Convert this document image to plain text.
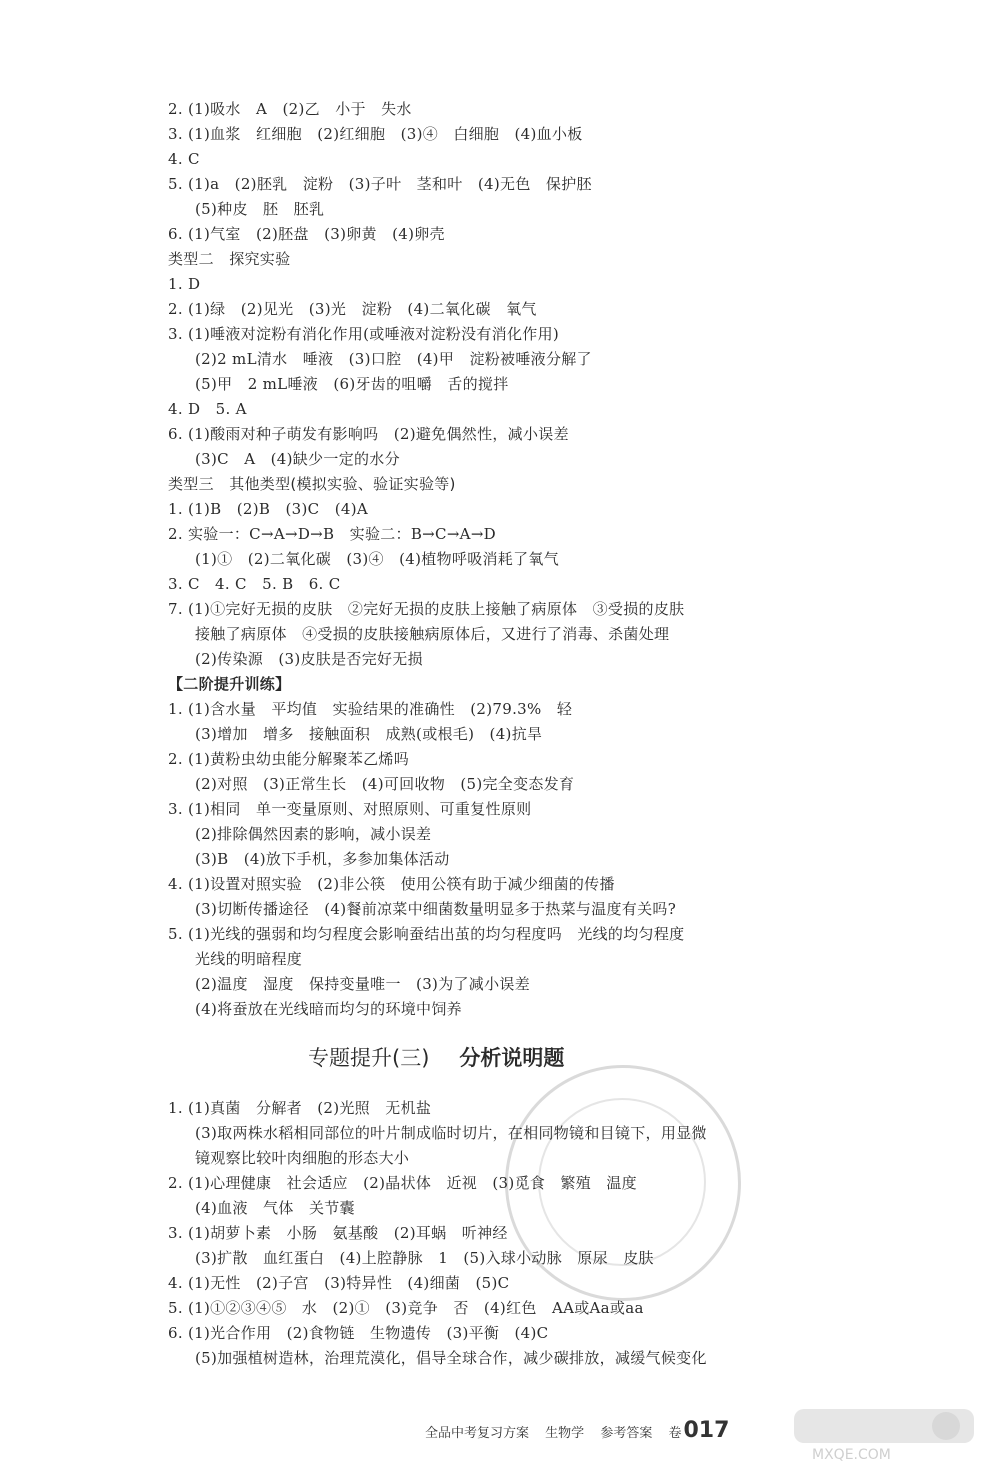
2. (1)吸水　A　(2)乙　小于　失水
3. (1)血浆　红细胞　(2)红细胞　(3)④　白细胞　(4)血小板
4. C
5. (1)a　(2)胚乳　淀粉　(3)子叶　茎和叶　(4)无色　保护胚
(5)种皮　胚　胚乳
6. (1)气室　(2)胚盘　(3)卵黄　(4)卵壳
类型二　探究实验
1. D
2. (1)绿　(2)见光　(3)光　淀粉　(4)二氧化碳　氧气
3. (1)唾液对淀粉有消化作用(或唾液对淀粉没有消化作用)
(2)2 mL清水　唾液　(3)口腔　(4)甲　淀粉被唾液分解了
(5)甲　2 mL唾液　(6)牙齿的咀嚼　舌的搅拌
4. D　5. A
6. (1)酸雨对种子萌发有影响吗　(2)避免偶然性，减小误差
(3)C　A　(4)缺少一定的水分
类型三　其他类型(模拟实验、验证实验等)
1. (1)B　(2)B　(3)C　(4)A
2. 实验一：C→A→D→B　实验二：B→C→A→D
(1)①　(2)二氧化碳　(3)④　(4)植物呼吸消耗了氧气
3. C　4. C　5. B　6. C
7. (1)①完好无损的皮肤　②完好无损的皮肤上接触了病原体　③受损的皮肤
接触了病原体　④受损的皮肤接触病原体后，又进行了消毒、杀菌处理
(2)传染源　(3)皮肤是否完好无损
【二阶提升训练】
1. (1)含水量　平均值　实验结果的准确性　(2)79.3%　轻
(3)增加　增多　接触面积　成熟(或根毛)　(4)抗旱
2. (1)黄粉虫幼虫能分解聚苯乙烯吗
(2)对照　(3)正常生长　(4)可回收物　(5)完全变态发育
3. (1)相同　单一变量原则、对照原则、可重复性原则
(2)排除偶然因素的影响，减小误差
(3)B　(4)放下手机，多参加集体活动
4. (1)设置对照实验　(2)非公筷　使用公筷有助于减少细菌的传播
(3)切断传播途径　(4)餐前凉菜中细菌数量明显多于热菜与温度有关吗?
5. (1)光线的强弱和均匀程度会影响蚕结出茧的均匀程度吗　光线的均匀程度
光线的明暗程度
(2)温度　湿度　保持变量唯一　(3)为了减小误差
(4)将蚕放在光线暗而均匀的环境中饲养
专题提升(三) 分析说明题
1. (1)真菌　分解者　(2)光照　无机盐
(3)取两株水稻相同部位的叶片制成临时切片，在相同物镜和目镜下，用显微
镜观察比较叶肉细胞的形态大小
2. (1)心理健康　社会适应　(2)晶状体　近视　(3)觅食　繁殖　温度
(4)血液　气体　关节囊
3. (1)胡萝卜素　小肠　氨基酸　(2)耳蜗　听神经
(3)扩散　血红蛋白　(4)上腔静脉　1　(5)入球小动脉　原尿　皮肤
4. (1)无性　(2)子宫　(3)特异性　(4)细菌　(5)C
5. (1)①②③④⑤　水　(2)①　(3)竞争　否　(4)红色　AA或Aa或aa
6. (1)光合作用　(2)食物链　生物遗传　(3)平衡　(4)C
(5)加强植树造林，治理荒漠化，倡导全球合作，减少碳排放，减缓气候变化
全品中考复习方案 生物学 参考答案 卷017
MXQE.COM
